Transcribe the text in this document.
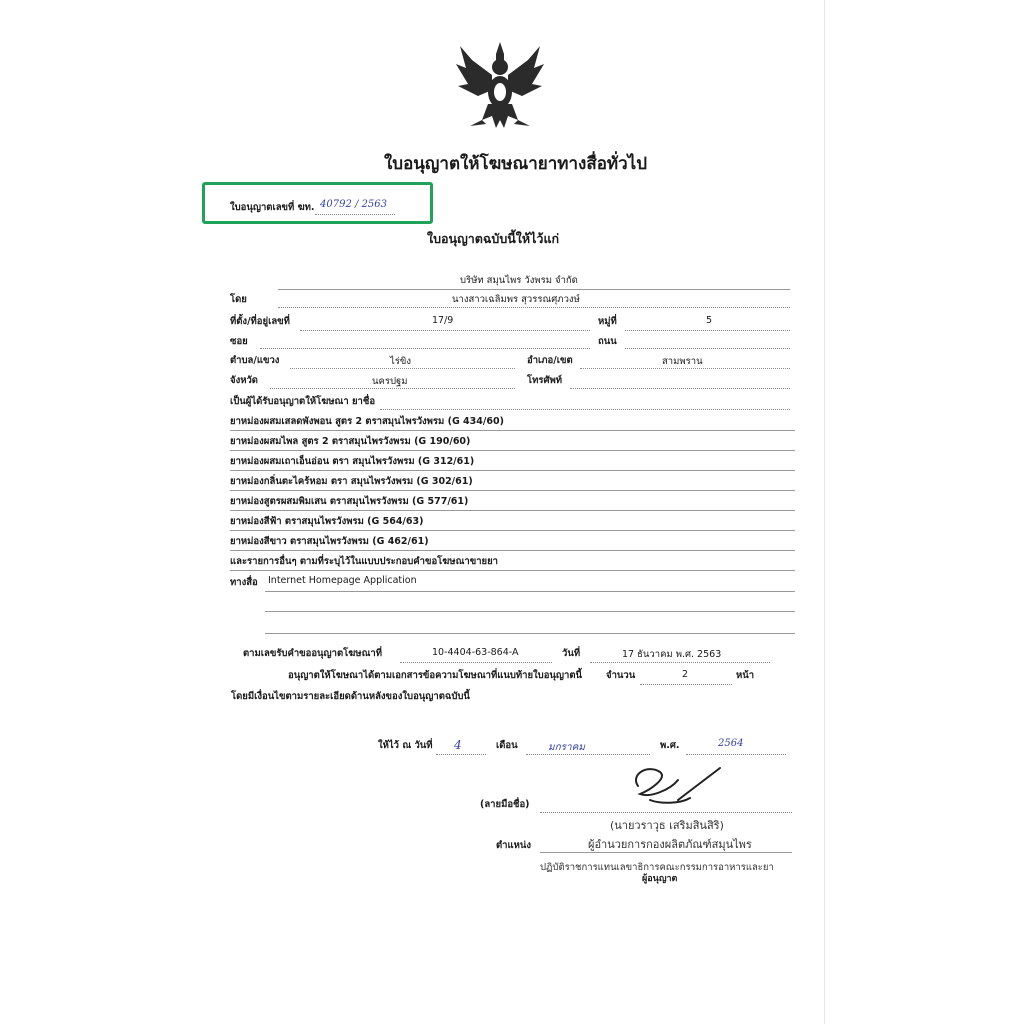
ใบอนุญาตให้โฆษณายาทางสื่อทั่วไป
ใบอนุญาตเลขที่ ฆท. 40792 / 2563
ใบอนุญาตฉบับนี้ให้ไว้แก่
บริษัท สมุนไพร วังพรม จำกัด
โดย	นางสาวเฉลิมพร สุวรรณศุภวงษ์
ที่ตั้ง/ที่อยู่เลขที่	17/9	หมู่ที่	5
ซอย	ถนน
ตำบล/แขวง	ไร่ขิง	อำเภอ/เขต	สามพราน
จังหวัด	นครปฐม	โทรศัพท์
เป็นผู้ได้รับอนุญาตให้โฆษณา ยาชื่อ
ยาหม่องผสมเสลดพังพอน สูตร 2 ตราสมุนไพรวังพรม (G 434/60)
ยาหม่องผสมไพล สูตร 2 ตราสมุนไพรวังพรม (G 190/60)
ยาหม่องผสมเถาเอ็นอ่อน ตรา สมุนไพรวังพรม (G 312/61)
ยาหม่องกลิ่นตะไคร้หอม ตรา สมุนไพรวังพรม (G 302/61)
ยาหม่องสูตรผสมพิมเสน ตราสมุนไพรวังพรม (G 577/61)
ยาหม่องสีฟ้า ตราสมุนไพรวังพรม (G 564/63)
ยาหม่องสีขาว ตราสมุนไพรวังพรม (G 462/61)
และรายการอื่นๆ ตามที่ระบุไว้ในแบบประกอบคำขอโฆษณาขายยา
ทางสื่อ Internet Homepage Application
ตามเลขรับคำขออนุญาตโฆษณาที่	10-4404-63-864-A	วันที่	17 ธันวาคม พ.ศ. 2563
อนุญาตให้โฆษณาได้ตามเอกสารข้อความโฆษณาที่แนบท้ายใบอนุญาตนี้	จำนวน	2	หน้า
โดยมีเงื่อนไขตามรายละเอียดด้านหลังของใบอนุญาตฉบับนี้
ให้ไว้ ณ วันที่ 4	เดือน	มกราคม	พ.ศ.	2564
(ลายมือชื่อ)
(นายวราวุธ เสริมสินสิริ)
ตำแหน่ง	ผู้อำนวยการกองผลิตภัณฑ์สมุนไพร
ปฏิบัติราชการแทนเลขาธิการคณะกรรมการอาหารและยา
ผู้อนุญาต
